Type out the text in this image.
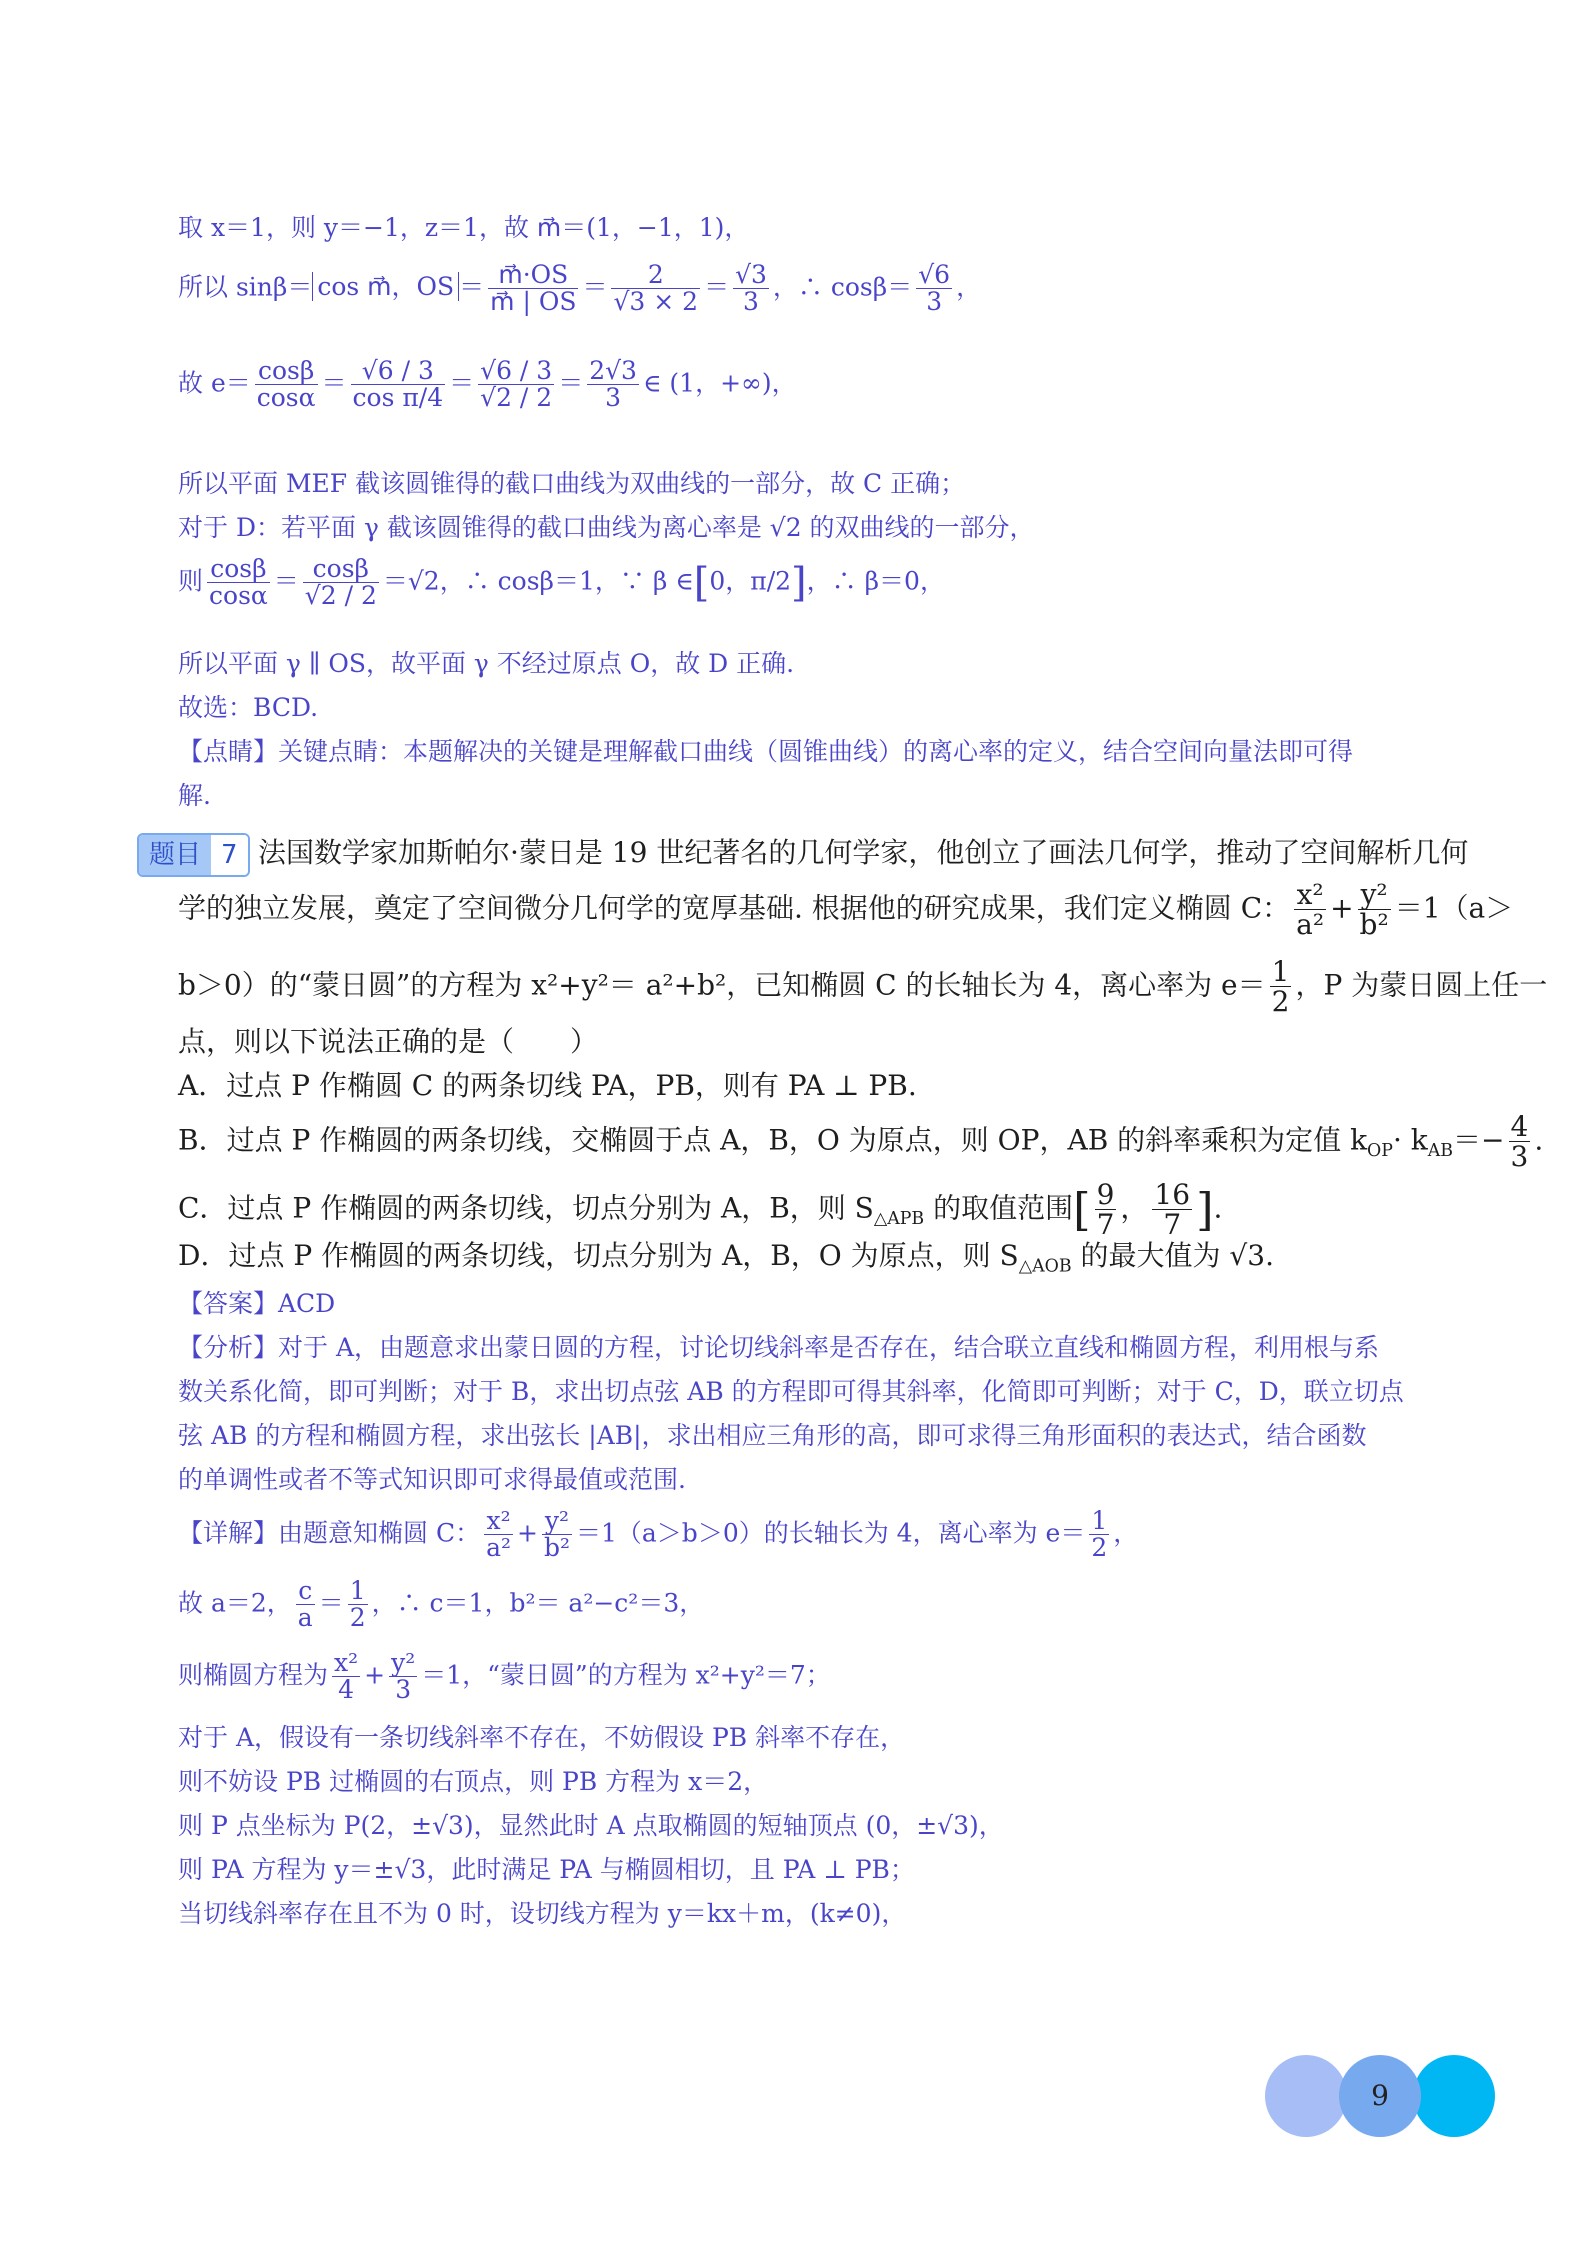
取 x＝1，则 y＝−1，z＝1，故 m⃗＝(1，−1，1)，
所以 sinβ＝ cos m⃗，OS ＝ $\frac{m⃗\cdot OS}{m⃗ | OS} = \frac{2}{√3 \times 2} = \frac{√3}{3}$ ，∴ $\cos\beta= \frac{√6}{3}$ ，
故 $e= \frac{\cos\beta}{\cos\alpha} = \frac{√6 / 3}{\text{cos π/4}} = \frac{√6 / 3}{√2 / 2} = \frac{2√3}{3}$ ∈ (1，+∞)，
所以平面 MEF 截该圆锥得的截口曲线为双曲线的一部分，故 C 正确；
对于 D：若平面 γ 截该圆锥得的截口曲线为离心率是 √2 的双曲线的一部分，
则 $\frac{\cos\beta}{\cos\alpha} = \frac{\cos\beta}{√2 / 2} =√2$，∴ cosβ＝1，∵ β ∈[0，π/2]，∴ β＝0，
所以平面 γ ∥ OS，故平面 γ 不经过原点 O，故 D 正确.
故选：BCD.
【点睛】关键点睛：本题解决的关键是理解截口曲线（圆锥曲线）的离心率的定义，结合空间向量法即可得
解.
题目 7 法国数学家加斯帕尔·蒙日是 19 世纪著名的几何学家，他创立了画法几何学，推动了空间解析几何
学的独立发展，奠定了空间微分几何学的宽厚基础. 根据他的研究成果，我们定义椭圆 C： $\frac{\text{x²}}{\text{a²}} + \frac{\text{y²}}{\text{b²}} =1(a>$
b＞0）的“蒙日圆”的方程为 x²+y²＝ a²+b²，已知椭圆 C 的长轴长为 4，离心率为 $e= \frac{1}{2}$ ，P 为蒙日圆上任一
点，则以下说法正确的是（　　）
A．过点 P 作椭圆 C 的两条切线 PA，PB，则有 PA ⊥ PB.
B．过点 P 作椭圆的两条切线，交椭圆于点 A，B，O 为原点，则 OP，AB 的斜率乘积为定值 $k_{OP}\cdot k_{AB}=- \frac{4}{3}$ .
C．过点 P 作椭圆的两条切线，切点分别为 A，B，则 $S_{\triangle APB}$ 的取值范围[ $\frac{9}{7}$ ， $\frac{16}{7}$ ].
D．过点 P 作椭圆的两条切线，切点分别为 A，B，O 为原点，则 $S_{\triangle AOB}$ 的最大值为 √3.
【答案】ACD
【分析】对于 A，由题意求出蒙日圆的方程，讨论切线斜率是否存在，结合联立直线和椭圆方程，利用根与系
数关系化简，即可判断；对于 B，求出切点弦 AB 的方程即可得其斜率，化简即可判断；对于 C，D，联立切点
弦 AB 的方程和椭圆方程，求出弦长 |AB|，求出相应三角形的高，即可求得三角形面积的表达式，结合函数
的单调性或者不等式知识即可求得最值或范围.
【详解】由题意知椭圆 C： $\frac{\text{x²}}{\text{a²}} + \frac{\text{y²}}{\text{b²}} =1(a>b>0)$的长轴长为 4，离心率为 $e= \frac{1}{2}$ ，
故 a＝2， $\frac{c}{a} = \frac{1}{2}$ ，∴ c＝1，b²＝ a²−c²＝3，
则椭圆方程为 $\frac{\text{x²}}{4} + \frac{\text{y²}}{3} =1$，“蒙日圆”的方程为 x²+y²＝7；
对于 A，假设有一条切线斜率不存在，不妨假设 PB 斜率不存在，
则不妨设 PB 过椭圆的右顶点，则 PB 方程为 x＝2，
则 P 点坐标为 P(2，±√3)，显然此时 A 点取椭圆的短轴顶点 (0，±√3)，
则 PA 方程为 y＝±√3，此时满足 PA 与椭圆相切，且 PA ⊥ PB；
当切线斜率存在且不为 0 时，设切线方程为 y＝kx＋m，(k≠0)，
9
